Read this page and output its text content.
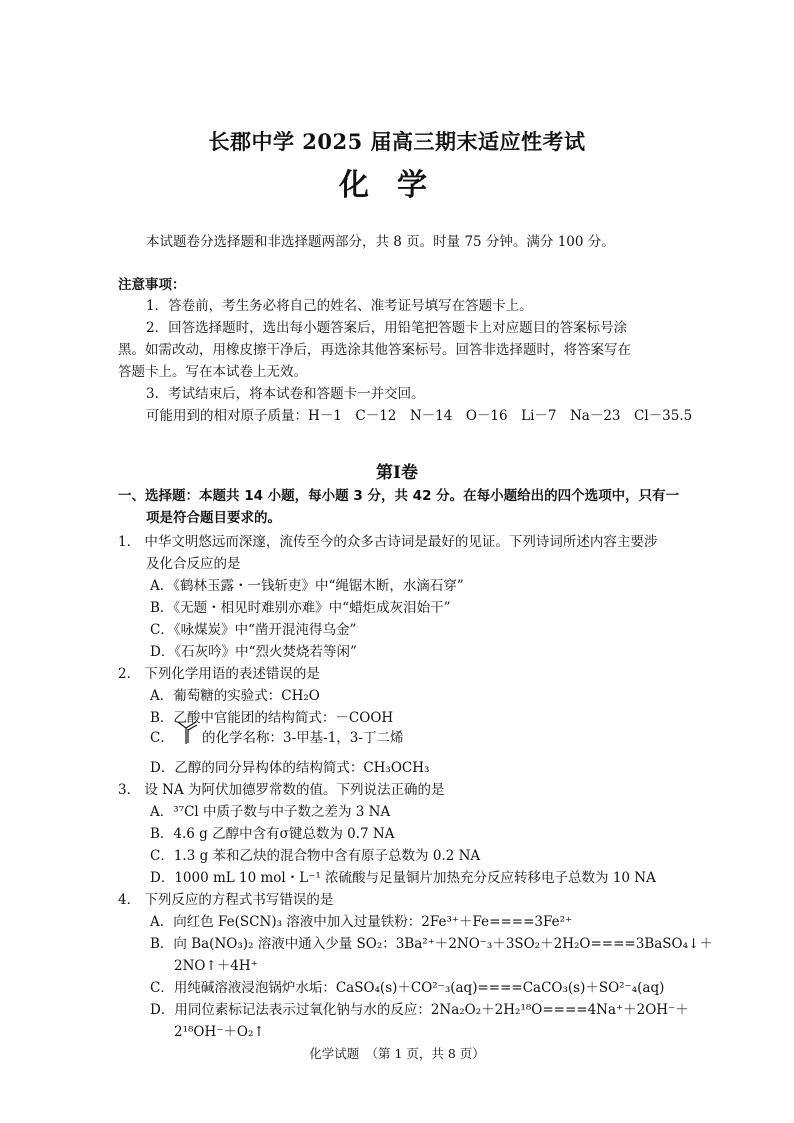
长郡中学 2025 届高三期末适应性考试
化学
本试题卷分选择题和非选择题两部分，共 8 页。时量 75 分钟。满分 100 分。
注意事项：
1．答卷前，考生务必将自己的姓名、准考证号填写在答题卡上。
2．回答选择题时，选出每小题答案后，用铅笔把答题卡上对应题目的答案标号涂
黑。如需改动，用橡皮擦干净后，再选涂其他答案标号。回答非选择题时，将答案写在
答题卡上。写在本试卷上无效。
3．考试结束后，将本试卷和答题卡一并交回。
可能用到的相对原子质量：H－1　C－12　N－14　O－16　Li－7　Na－23　Cl－35.5
第Ⅰ卷
一、选择题：本题共 14 小题，每小题 3 分，共 42 分。在每小题给出的四个选项中，只有一
项是符合题目要求的。
1． 中华文明悠远而深邃，流传至今的众多古诗词是最好的见证。下列诗词所述内容主要涉
及化合反应的是
A．《鹤林玉露・一钱斩吏》中“绳锯木断，水滴石穿”
B．《无题・相见时难别亦难》中“蜡炬成灰泪始干”
C．《咏煤炭》中“凿开混沌得乌金”
D．《石灰吟》中“烈火焚烧若等闲”
2． 下列化学用语的表述错误的是
A．葡萄糖的实验式：CH₂O
B．乙酸中官能团的结构简式：－COOH
C． 的化学名称：3-甲基-1，3-丁二烯
D．乙醇的同分异构体的结构简式：CH₃OCH₃
3． 设 NA 为阿伏加德罗常数的值。下列说法正确的是
A．³⁷Cl 中质子数与中子数之差为 3 NA
B．4.6 g 乙醇中含有σ键总数为 0.7 NA
C．1.3 g 苯和乙炔的混合物中含有原子总数为 0.2 NA
D．1000 mL 10 mol・L⁻¹ 浓硫酸与足量铜片加热充分反应转移电子总数为 10 NA
4． 下列反应的方程式书写错误的是
A．向红色 Fe(SCN)₃ 溶液中加入过量铁粉：2Fe³⁺＋Fe====3Fe²⁺
B．向 Ba(NO₃)₂ 溶液中通入少量 SO₂：3Ba²⁺＋2NO⁻₃＋3SO₂＋2H₂O====3BaSO₄↓＋
2NO↑＋4H⁺
C．用纯碱溶液浸泡锅炉水垢：CaSO₄(s)＋CO²⁻₃(aq)====CaCO₃(s)＋SO²⁻₄(aq)
D．用同位素标记法表示过氧化钠与水的反应：2Na₂O₂＋2H₂¹⁸O====4Na⁺＋2OH⁻＋
2¹⁸OH⁻＋O₂↑
化学试题　（第 1 页，共 8 页）
